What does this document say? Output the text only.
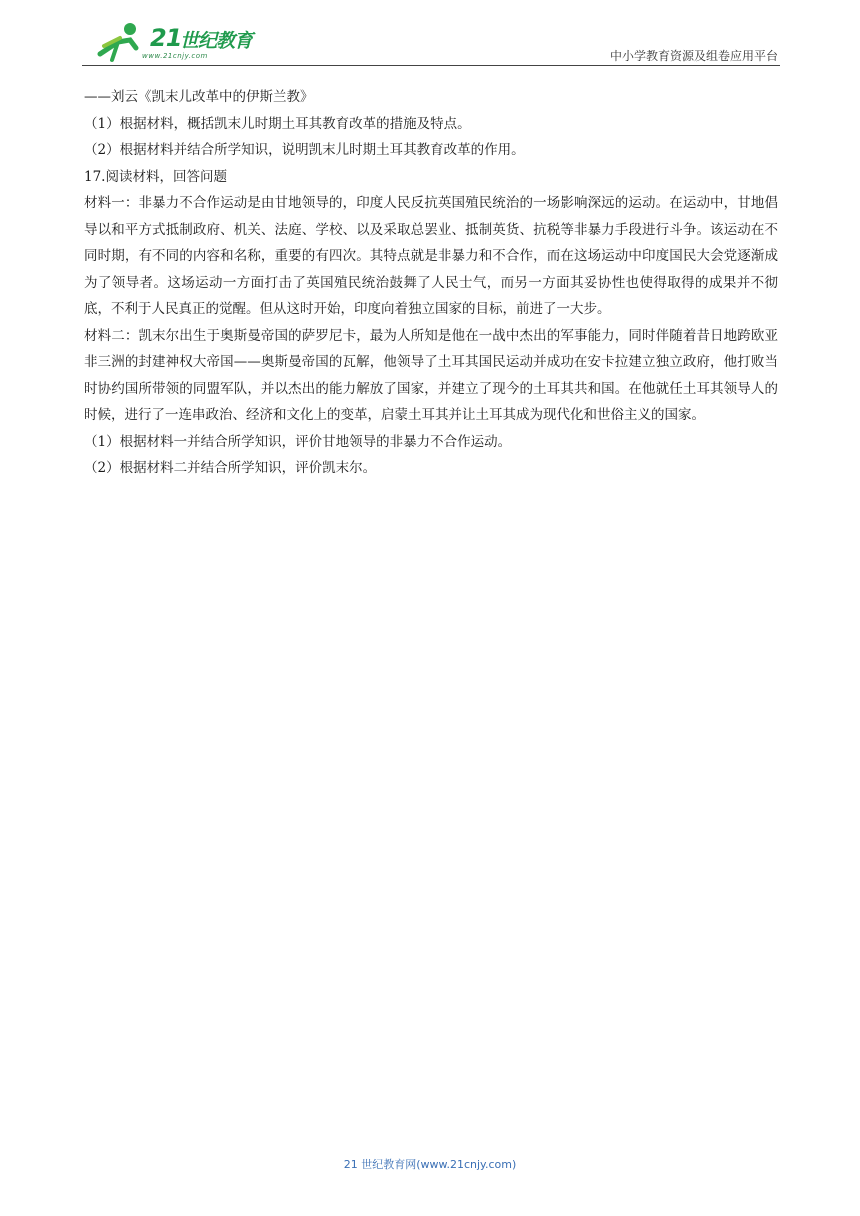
21
世纪教育
www.21cnjy.com	中小学教育资源及组卷应用平台
——刘云《凯末儿改革中的伊斯兰教》
（1）根据材料，概括凯末儿时期土耳其教育改革的措施及特点。
（2）根据材料并结合所学知识，说明凯末儿时期土耳其教育改革的作用。
17.阅读材料，回答问题
材料一：非暴力不合作运动是由甘地领导的，印度人民反抗英国殖民统治的一场影响深远的运动。在运动中，甘地倡导以和平方式抵制政府、机关、法庭、学校、以及采取总罢业、抵制英货、抗税等非暴力手段进行斗争。该运动在不同时期，有不同的内容和名称，重要的有四次。其特点就是非暴力和不合作，而在这场运动中印度国民大会党逐渐成为了领导者。这场运动一方面打击了英国殖民统治鼓舞了人民士气，而另一方面其妥协性也使得取得的成果并不彻底，不利于人民真正的觉醒。但从这时开始，印度向着独立国家的目标，前进了一大步。
材料二：凯末尔出生于奥斯曼帝国的萨罗尼卡，最为人所知是他在一战中杰出的军事能力，同时伴随着昔日地跨欧亚非三洲的封建神权大帝国——奥斯曼帝国的瓦解，他领导了土耳其国民运动并成功在安卡拉建立独立政府，他打败当时协约国所带领的同盟军队，并以杰出的能力解放了国家，并建立了现今的土耳其共和国。在他就任土耳其领导人的时候，进行了一连串政治、经济和文化上的变革，启蒙土耳其并让土耳其成为现代化和世俗主义的国家。
（1）根据材料一并结合所学知识，评价甘地领导的非暴力不合作运动。
（2）根据材料二并结合所学知识，评价凯末尔。
21 世纪教育网(www.21cnjy.com)
